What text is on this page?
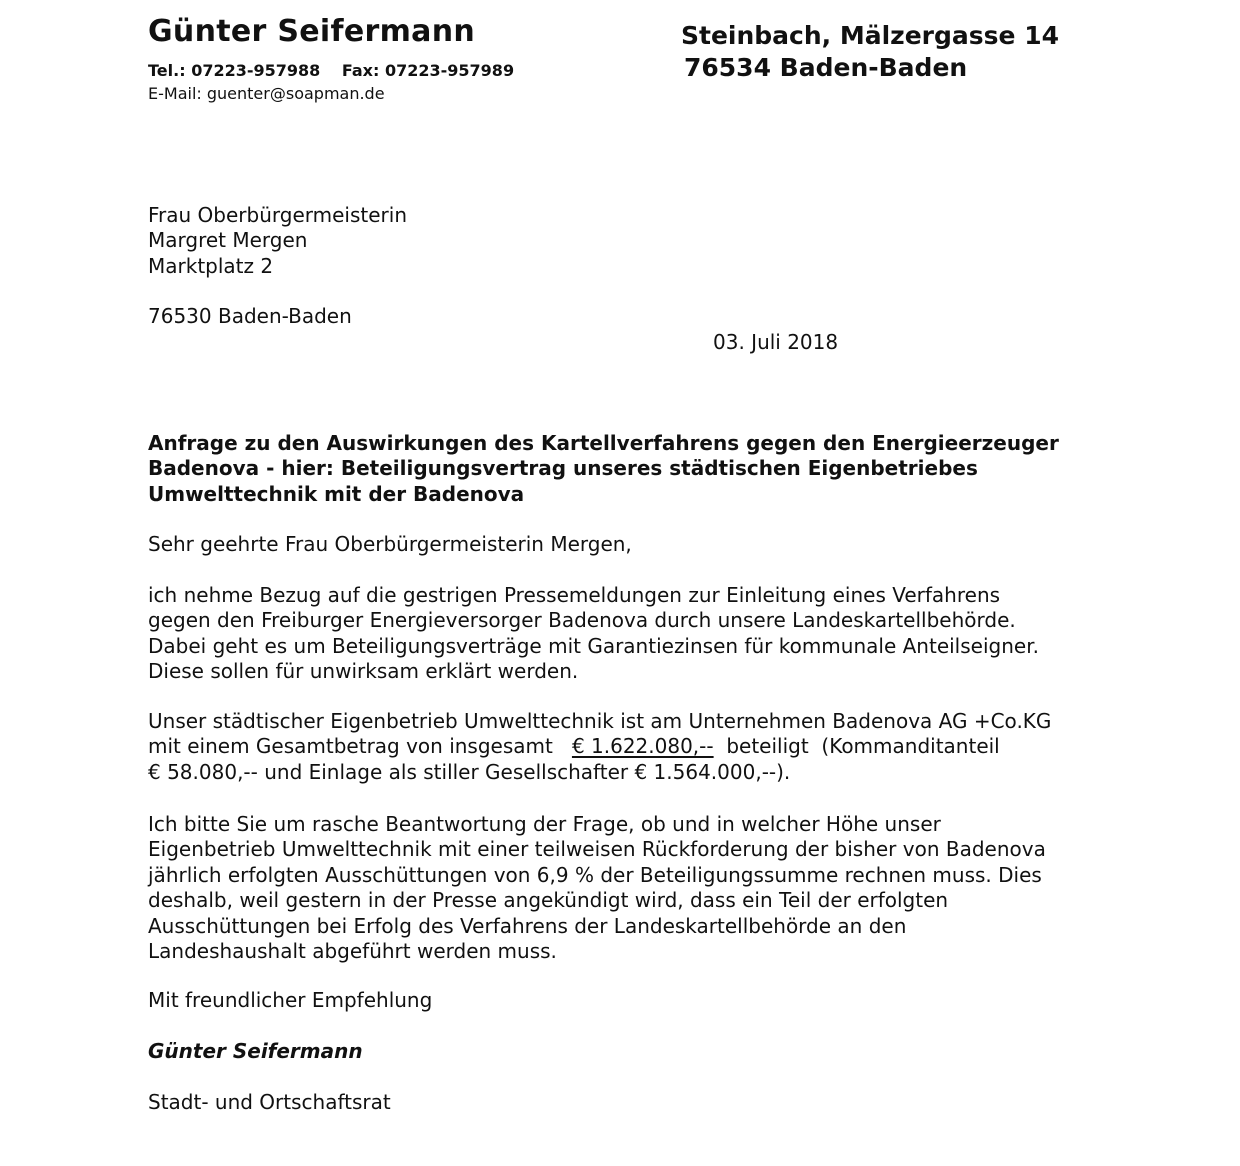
Günter Seifermann
Tel.: 07223-957988 Fax: 07223-957989
E-Mail: guenter@soapman.de
Steinbach, Mälzergasse 14
76534 Baden-Baden
Frau Oberbürgermeisterin
Margret Mergen
Marktplatz 2
76530 Baden-Baden
03. Juli 2018
Anfrage zu den Auswirkungen des Kartellverfahrens gegen den Energieerzeuger
Badenova - hier: Beteiligungsvertrag unseres städtischen Eigenbetriebes
Umwelttechnik mit der Badenova
Sehr geehrte Frau Oberbürgermeisterin Mergen,
ich nehme Bezug auf die gestrigen Pressemeldungen zur Einleitung eines Verfahrens
gegen den Freiburger Energieversorger Badenova durch unsere Landeskartellbehörde.
Dabei geht es um Beteiligungsverträge mit Garantiezinsen für kommunale Anteilseigner.
Diese sollen für unwirksam erklärt werden.
Unser städtischer Eigenbetrieb Umwelttechnik ist am Unternehmen Badenova AG +Co.KG
mit einem Gesamtbetrag von insgesamt € 1.622.080,-- beteiligt  (Kommanditanteil
€ 58.080,-- und Einlage als stiller Gesellschafter € 1.564.000,--).
Ich bitte Sie um rasche Beantwortung der Frage, ob und in welcher Höhe unser
Eigenbetrieb Umwelttechnik mit einer teilweisen Rückforderung der bisher von Badenova
jährlich erfolgten Ausschüttungen von 6,9 % der Beteiligungssumme rechnen muss. Dies
deshalb, weil gestern in der Presse angekündigt wird, dass ein Teil der erfolgten
Ausschüttungen bei Erfolg des Verfahrens der Landeskartellbehörde an den
Landeshaushalt abgeführt werden muss.
Mit freundlicher Empfehlung
Günter Seifermann
Stadt- und Ortschaftsrat
